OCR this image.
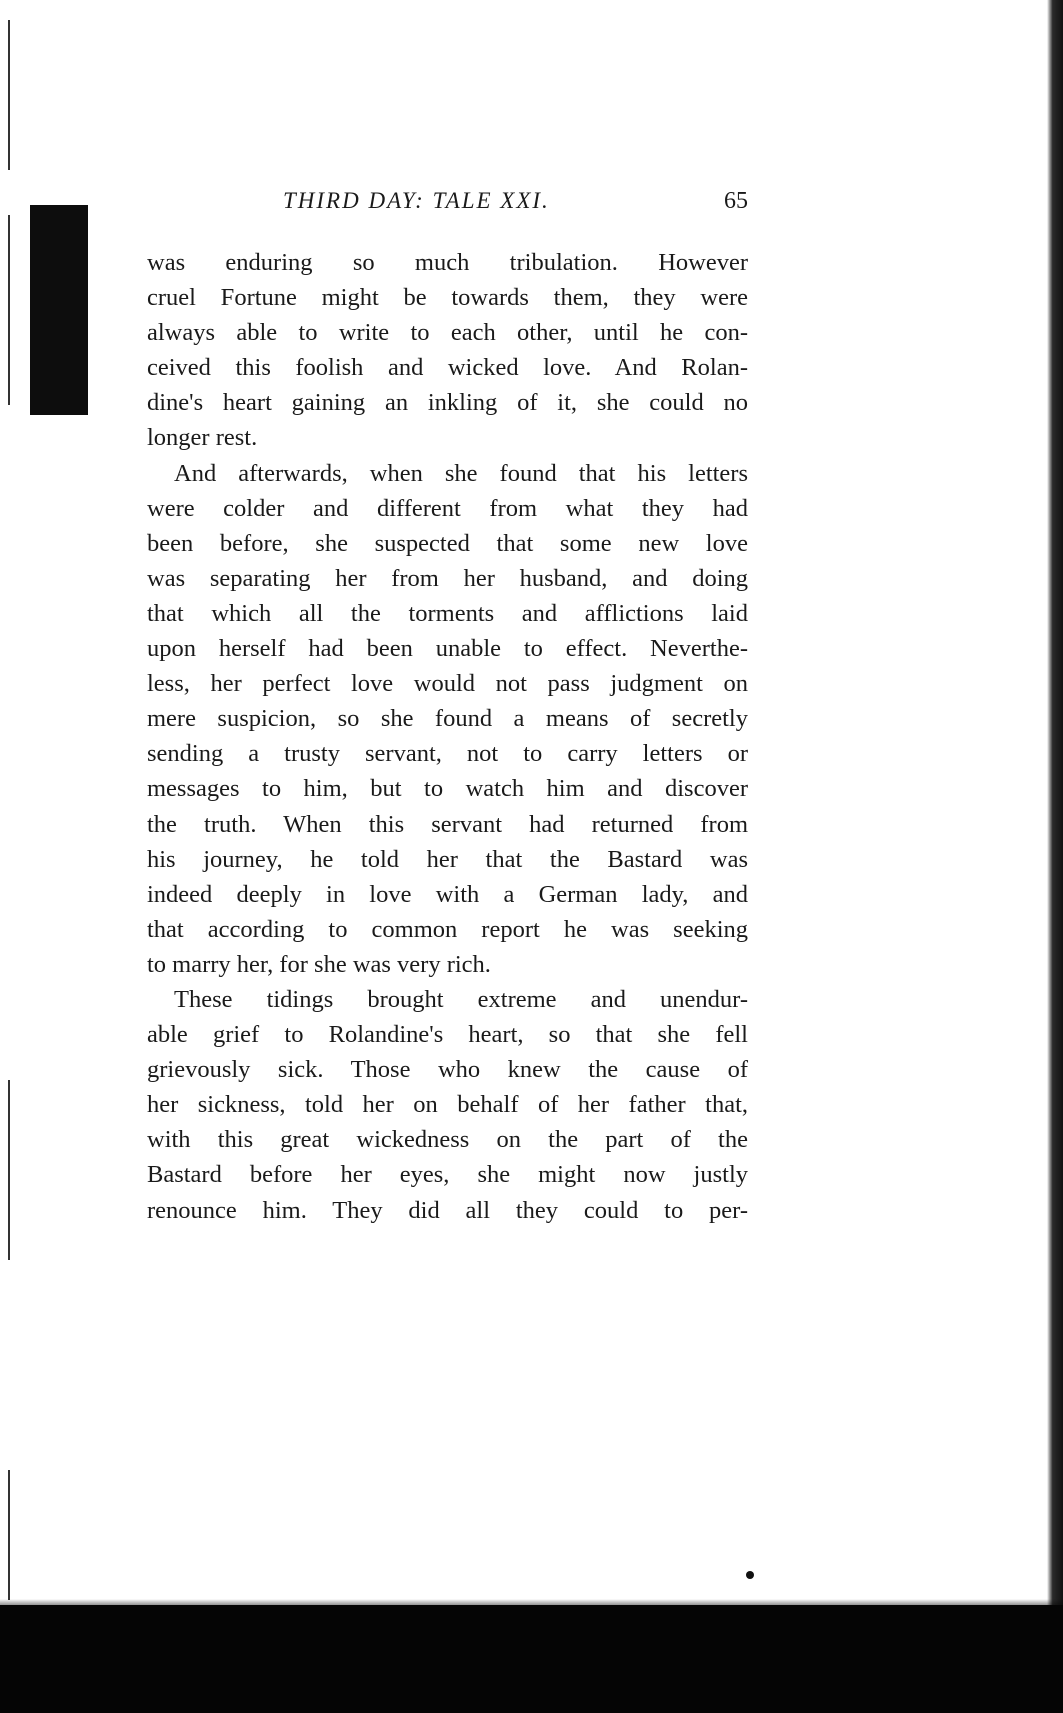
THIRD DAY: TALE XXI.	65

was enduring so much tribulation. However
cruel Fortune might be towards them, they were
always able to write to each other, until he con-
ceived this foolish and wicked love. And Rolan-
dine's heart gaining an inkling of it, she could no
longer rest.

And afterwards, when she found that his letters
were colder and different from what they had
been before, she suspected that some new love
was separating her from her husband, and doing
that which all the torments and afflictions laid
upon herself had been unable to effect. Neverthe-
less, her perfect love would not pass judgment on
mere suspicion, so she found a means of secretly
sending a trusty servant, not to carry letters or
messages to him, but to watch him and discover
the truth. When this servant had returned from
his journey, he told her that the Bastard was
indeed deeply in love with a German lady, and
that according to common report he was seeking
to marry her, for she was very rich.

These tidings brought extreme and unendur-
able grief to Rolandine's heart, so that she fell
grievously sick. Those who knew the cause of
her sickness, told her on behalf of her father that,
with this great wickedness on the part of the
Bastard before her eyes, she might now justly
renounce him. They did all they could to per-
